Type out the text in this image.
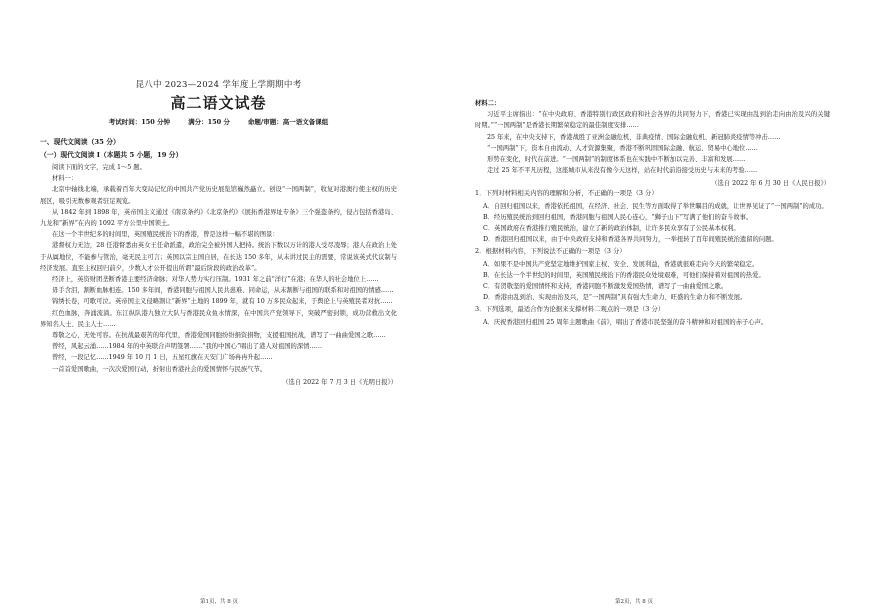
昆八中 2023—2024 学年度上学期期中考
高二语文试卷
考试时间：150 分钟	满分：150 分	命题/审题：高一语文备课组
一、现代文阅读（35 分）
（一）现代文阅读 I（本题共 5 小题，19 分）

阅读下面的文字，完成 1～5 题。

材料一：

北京中轴线北端，承载着百年大变局记忆的中国共产党历史展览馆巍然矗立。创设“一国两制”，收复对港澳行使主权的历史展区，吸引无数参观者驻足观览。

从 1842 年到 1898 年，英帝国主义通过《南京条约》《北京条约》《展拓香港界址专条》三个强盗条约，侵占包括香港岛、九龙和“新界”在内的 1092 平方公里中国领土。

在这一个半世纪多的时间里，英国殖民统治下的香港，曾是这样一幅不堪的图景：

港督权力无边，28 任港督悉由英女王任命派遣，政治完全被外国人把持。统治下数以万计的港人受尽凌辱；港人在政治上处于从属地位，不能参与管治，毫无民主可言；英国以宗主国自居，在长达 150 多年，从未讲过民主的需要，常说该英式代议制与经济发展。直至主权回归前夕，少数人才公开提出所谓“最后阶段的政治改革”。

经济上，英资财团垄断香港主要经济命脉；对华人势力实行压制。1931 年之前“洋行”在港；在华人的社会地位上……

毋手含泪，割断血脉相连。150 多年间，香港同胞与祖国人民共患难、同命运，从未割断与祖国的联系和对祖国的情感……

锦绣长卷，可歌可泣。英帝国主义侵略割让“新界”土地的 1899 年，就有 10 万多民众起来，于舆论上与英殖民者对抗……

红色血脉，奔涌流淌。东江纵队港九独立大队与香港民众鱼水情深，在中国共产党领导下，突破严密封锁，成功营救出文化界知名人士、民主人士……

尊敬之心，无处可容。在抗战最艰苦的年代里，香港爱国同胞纷纷捐资捐物，支援祖国抗战，谱写了一曲曲爱国之歌……

曾经，风起云涌……1984 年的中英联合声明签署……“我的中国心”唱出了港人对祖国的深情……

曾经，一段记忆……1949 年 10 月 1 日，五星红旗在天安门广场冉冉升起……

一首首爱国歌曲，一次次爱国行动，折射出香港社会的爱国情怀与民族气节。

（选自 2022 年 7 月 3 日《光明日报》）

材料二：

习近平主席指出：“在中央政府、香港特别行政区政府和社会各界的共同努力下，香港已实现由乱到治走向由治及兴的关键时期。”“一国两制”是香港长期繁荣稳定的最佳制度安排……

25 年来，在中央支持下，香港战胜了亚洲金融危机、非典疫情、国际金融危机、新冠肺炎疫情等冲击……

“一国两制”下，资本自由流动、人才资源集聚，香港不断巩固国际金融、航运、贸易中心地位……

形势在变化，时代在前进。“一国两制”的制度体系也在实践中不断加以完善、丰富和发展……

走过 25 年不平凡历程，这座城市从来没有像今天这样，站在时代前沿接受历史与未来的考验……

（选自 2022 年 6 月 30 日《人民日报》）
1．下列对材料相关内容的理解和分析，不正确的一项是（3 分）

A．自回归祖国以来，香港依托祖国，在经济、社会、民生等方面取得了举世瞩目的成就，让世界见证了“一国两制”的成功。

B．经历殖民统治到回归祖国，香港同胞与祖国人民心连心，“狮子山下”写满了他们的奋斗故事。

C．英国政府在香港推行殖民统治，建立了新的政治体制，让许多民众享有了公民基本权利。

D．香港回归祖国以来，由于中央政府支持和香港各界共同努力，一举扭转了百年间殖民统治遗留的问题。

2．根据材料内容，下列说法不正确的一项是（3 分）

A．如果不是中国共产党坚定地维护国家主权、安全、发展利益，香港就很难走向今天的繁荣稳定。

B．在长达一个半世纪的时间里，英国殖民统治下的香港民众处境艰难，可他们保持着对祖国的热爱。

C．有贺敬坚的爱国情怀和支持，香港同胞不断激发爱国热情，谱写了一曲曲爱国之歌。

D．香港由乱到治、实现由治及兴，是“一国两制”具有强大生命力、旺盛的生命力和不断发展。

3．下列选项，最适合作为论据来支撑材料二观点的一项是（3 分）

A．庆祝香港回归祖国 25 周年主题歌曲《前》，唱出了香港市民坚强的奋斗精神和对祖国的赤子心声。

第1页，共 8 页	第2页，共 8 页
